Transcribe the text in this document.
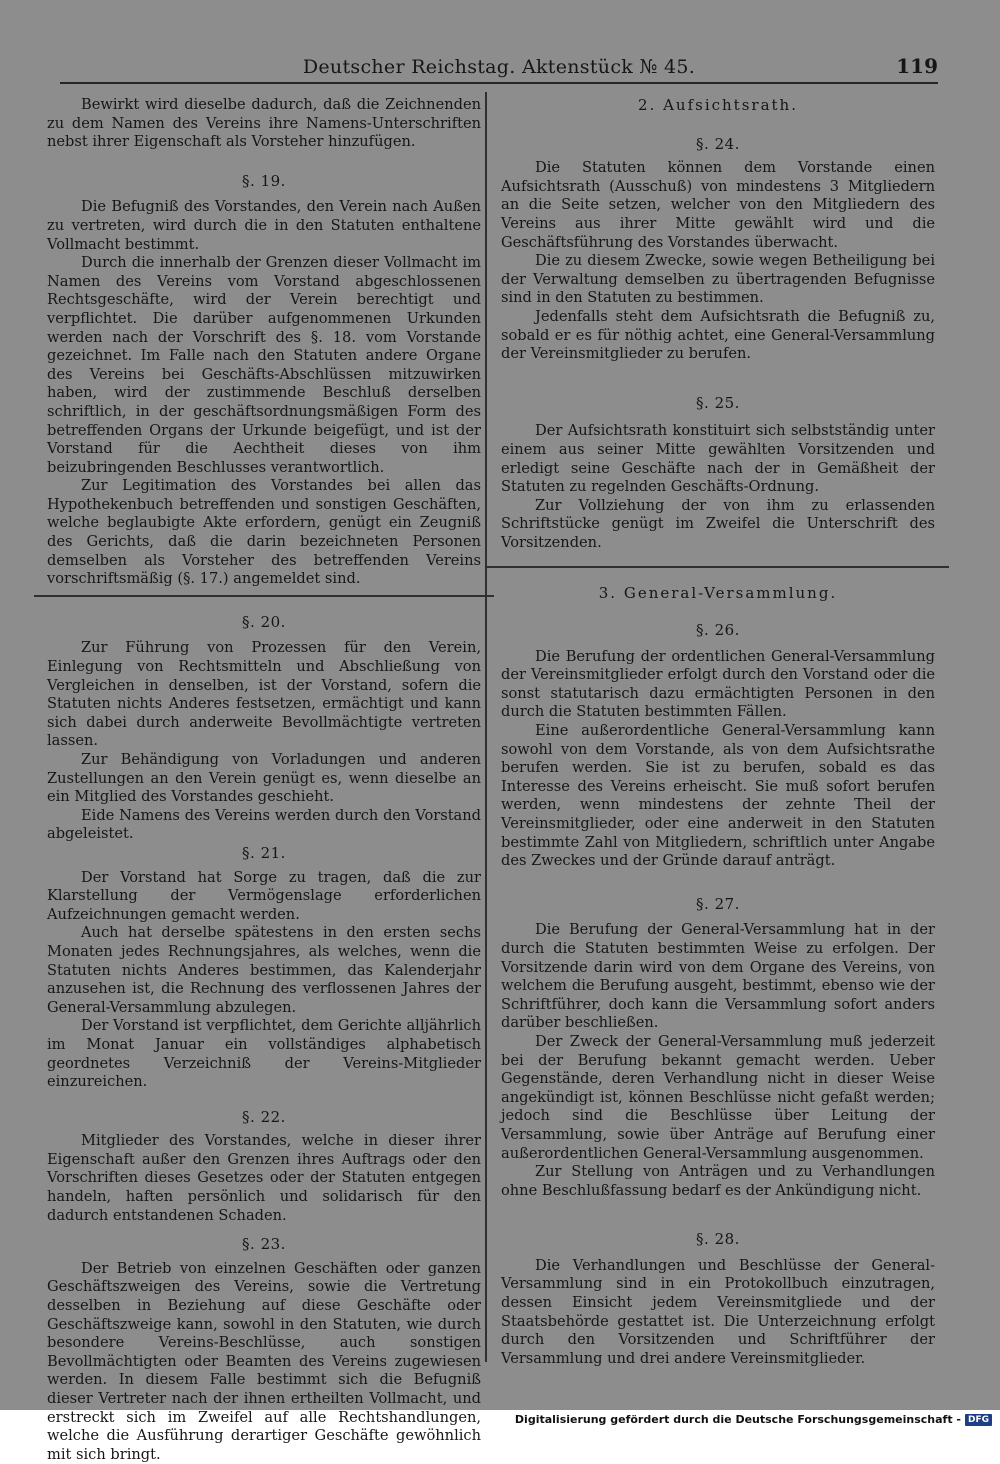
Deutscher Reichstag. Aktenstück № 45.	119

Bewirkt wird dieselbe dadurch, daß die Zeichnenden zu dem Namen des Vereins ihre Namens-Unterschriften nebst ihrer Eigenschaft als Vorsteher hinzufügen.

§. 19.

Die Befugniß des Vorstandes, den Verein nach Außen zu vertreten, wird durch die in den Statuten enthaltene Vollmacht bestimmt.

Durch die innerhalb der Grenzen dieser Vollmacht im Namen des Vereins vom Vorstand abgeschlossenen Rechtsgeschäfte, wird der Verein berechtigt und verpflichtet. Die darüber aufgenommenen Urkunden werden nach der Vorschrift des §. 18. vom Vorstande gezeichnet. Im Falle nach den Statuten andere Organe des Vereins bei Geschäfts-Abschlüssen mitzuwirken haben, wird der zustimmende Beschluß derselben schriftlich, in der geschäftsordnungsmäßigen Form des betreffenden Organs der Urkunde beigefügt, und ist der Vorstand für die Aechtheit dieses von ihm beizubringenden Beschlusses verantwortlich.

Zur Legitimation des Vorstandes bei allen das Hypothekenbuch betreffenden und sonstigen Geschäften, welche beglaubigte Akte erfordern, genügt ein Zeugniß des Gerichts, daß die darin bezeichneten Personen demselben als Vorsteher des betreffenden Vereins vorschriftsmäßig (§. 17.) angemeldet sind.

§. 20.

Zur Führung von Prozessen für den Verein, Einlegung von Rechtsmitteln und Abschließung von Vergleichen in denselben, ist der Vorstand, sofern die Statuten nichts Anderes festsetzen, ermächtigt und kann sich dabei durch anderweite Bevollmächtigte vertreten lassen.

Zur Behändigung von Vorladungen und anderen Zustellungen an den Verein genügt es, wenn dieselbe an ein Mitglied des Vorstandes geschieht.

Eide Namens des Vereins werden durch den Vorstand abgeleistet.

§. 21.

Der Vorstand hat Sorge zu tragen, daß die zur Klarstellung der Vermögenslage erforderlichen Aufzeichnungen gemacht werden.

Auch hat derselbe spätestens in den ersten sechs Monaten jedes Rechnungsjahres, als welches, wenn die Statuten nichts Anderes bestimmen, das Kalenderjahr anzusehen ist, die Rechnung des verflossenen Jahres der General-Versammlung abzulegen.

Der Vorstand ist verpflichtet, dem Gerichte alljährlich im Monat Januar ein vollständiges alphabetisch geordnetes Verzeichniß der Vereins-Mitglieder einzureichen.

§. 22.

Mitglieder des Vorstandes, welche in dieser ihrer Eigenschaft außer den Grenzen ihres Auftrags oder den Vorschriften dieses Gesetzes oder der Statuten entgegen handeln, haften persönlich und solidarisch für den dadurch entstandenen Schaden.

§. 23.

Der Betrieb von einzelnen Geschäften oder ganzen Geschäftszweigen des Vereins, sowie die Vertretung desselben in Beziehung auf diese Geschäfte oder Geschäftszweige kann, sowohl in den Statuten, wie durch besondere Vereins-Beschlüsse, auch sonstigen Bevollmächtigten oder Beamten des Vereins zugewiesen werden. In diesem Falle bestimmt sich die Befugniß dieser Vertreter nach der ihnen ertheilten Vollmacht, und erstreckt sich im Zweifel auf alle Rechtshandlungen, welche die Ausführung derartiger Geschäfte gewöhnlich mit sich bringt.

2. Aufsichtsrath.
§. 24.

Die Statuten können dem Vorstande einen Aufsichtsrath (Ausschuß) von mindestens 3 Mitgliedern an die Seite setzen, welcher von den Mitgliedern des Vereins aus ihrer Mitte gewählt wird und die Geschäftsführung des Vorstandes überwacht.

Die zu diesem Zwecke, sowie wegen Betheiligung bei der Verwaltung demselben zu übertragenden Befugnisse sind in den Statuten zu bestimmen.

Jedenfalls steht dem Aufsichtsrath die Befugniß zu, sobald er es für nöthig achtet, eine General-Versammlung der Vereinsmitglieder zu berufen.

§. 25.

Der Aufsichtsrath konstituirt sich selbstständig unter einem aus seiner Mitte gewählten Vorsitzenden und erledigt seine Geschäfte nach der in Gemäßheit der Statuten zu regelnden Geschäfts-Ordnung.

Zur Vollziehung der von ihm zu erlassenden Schriftstücke genügt im Zweifel die Unterschrift des Vorsitzenden.

3. General-Versammlung.
§. 26.

Die Berufung der ordentlichen General-Versammlung der Vereinsmitglieder erfolgt durch den Vorstand oder die sonst statutarisch dazu ermächtigten Personen in den durch die Statuten bestimmten Fällen.

Eine außerordentliche General-Versammlung kann sowohl von dem Vorstande, als von dem Aufsichtsrathe berufen werden. Sie ist zu berufen, sobald es das Interesse des Vereins erheischt. Sie muß sofort berufen werden, wenn mindestens der zehnte Theil der Vereinsmitglieder, oder eine anderweit in den Statuten bestimmte Zahl von Mitgliedern, schriftlich unter Angabe des Zweckes und der Gründe darauf anträgt.

§. 27.

Die Berufung der General-Versammlung hat in der durch die Statuten bestimmten Weise zu erfolgen. Der Vorsitzende darin wird von dem Organe des Vereins, von welchem die Berufung ausgeht, bestimmt, ebenso wie der Schriftführer, doch kann die Versammlung sofort anders darüber beschließen.

Der Zweck der General-Versammlung muß jederzeit bei der Berufung bekannt gemacht werden. Ueber Gegenstände, deren Verhandlung nicht in dieser Weise angekündigt ist, können Beschlüsse nicht gefaßt werden; jedoch sind die Beschlüsse über Leitung der Versammlung, sowie über Anträge auf Berufung einer außerordentlichen General-Versammlung ausgenommen.

Zur Stellung von Anträgen und zu Verhandlungen ohne Beschlußfassung bedarf es der Ankündigung nicht.

§. 28.

Die Verhandlungen und Beschlüsse der General-Versammlung sind in ein Protokollbuch einzutragen, dessen Einsicht jedem Vereinsmitgliede und der Staatsbehörde gestattet ist. Die Unterzeichnung erfolgt durch den Vorsitzenden und Schriftführer der Versammlung und drei andere Vereinsmitglieder.

Digitalisierung gefördert durch die Deutsche Forschungsgemeinschaft - DFG
